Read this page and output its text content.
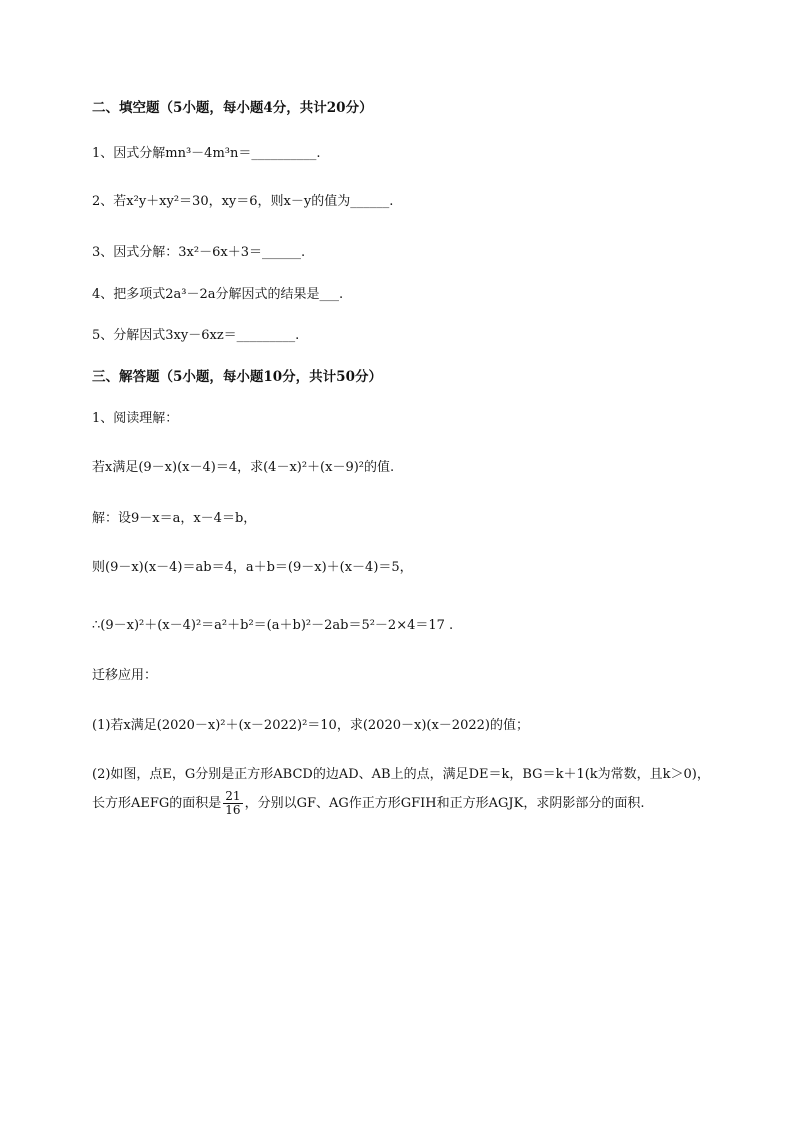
二、填空题（5小题，每小题4分，共计20分）
1、因式分解mn³－4m³n＝__________.
2、若x²y＋xy²＝30，xy＝6，则x－y的值为______.
3、因式分解：3x²－6x＋3＝______.
4、把多项式2a³－2a分解因式的结果是___.
5、分解因式3xy－6xz＝_________.
三、解答题（5小题，每小题10分，共计50分）
1、阅读理解：
若x满足(9－x)(x－4)＝4，求(4－x)²＋(x－9)²的值.
解：设9－x＝a，x－4＝b，
则(9－x)(x－4)＝ab＝4，a＋b＝(9－x)＋(x－4)＝5，
∴(9－x)²＋(x－4)²＝a²＋b²＝(a＋b)²－2ab＝5²－2×4＝17 .
迁移应用：
(1)若x满足(2020－x)²＋(x－2022)²＝10，求(2020－x)(x－2022)的值；
(2)如图，点E，G分别是正方形ABCD的边AD、AB上的点，满足DE＝k，BG＝k＋1(k为常数，且k＞0)，长方形AEFG的面积是 $\frac{21}{16}$ ，分别以GF、AG作正方形GFIH和正方形AGJK，求阴影部分的面积.
